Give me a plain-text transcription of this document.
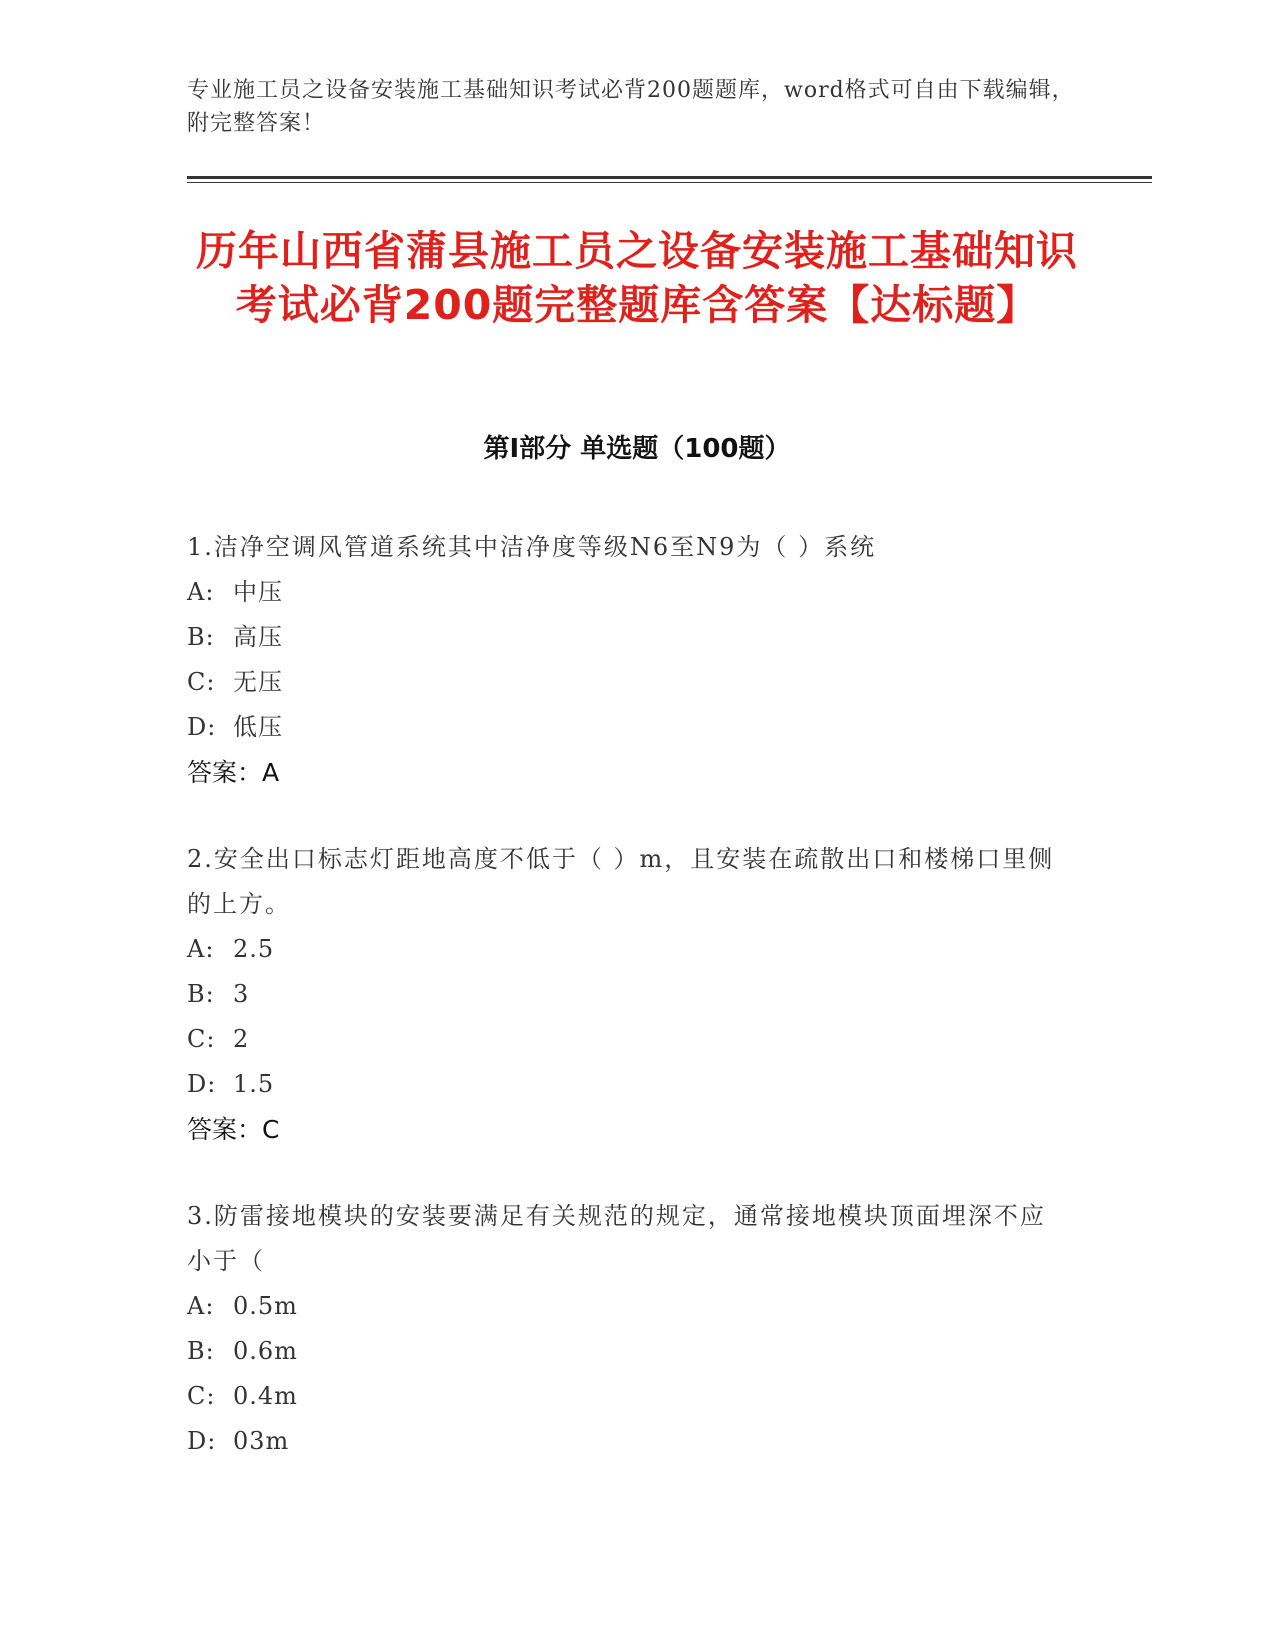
专业施工员之设备安装施工基础知识考试必背200题题库，word格式可自由下载编辑，附完整答案！
历年山西省蒲县施工员之设备安装施工基础知识考试必背200题完整题库含答案【达标题】
第I部分 单选题（100题）
1.洁净空调风管道系统其中洁净度等级N6至N9为（ ）系统
A: 中压
B: 高压
C: 无压
D: 低压
答案：A
2.安全出口标志灯距地高度不低于（ ）m，且安装在疏散出口和楼梯口里侧的上方。
A: 2.5
B: 3
C: 2
D: 1.5
答案：C
3.防雷接地模块的安装要满足有关规范的规定，通常接地模块顶面埋深不应小于（
A: 0.5m
B: 0.6m
C: 0.4m
D: 03m
